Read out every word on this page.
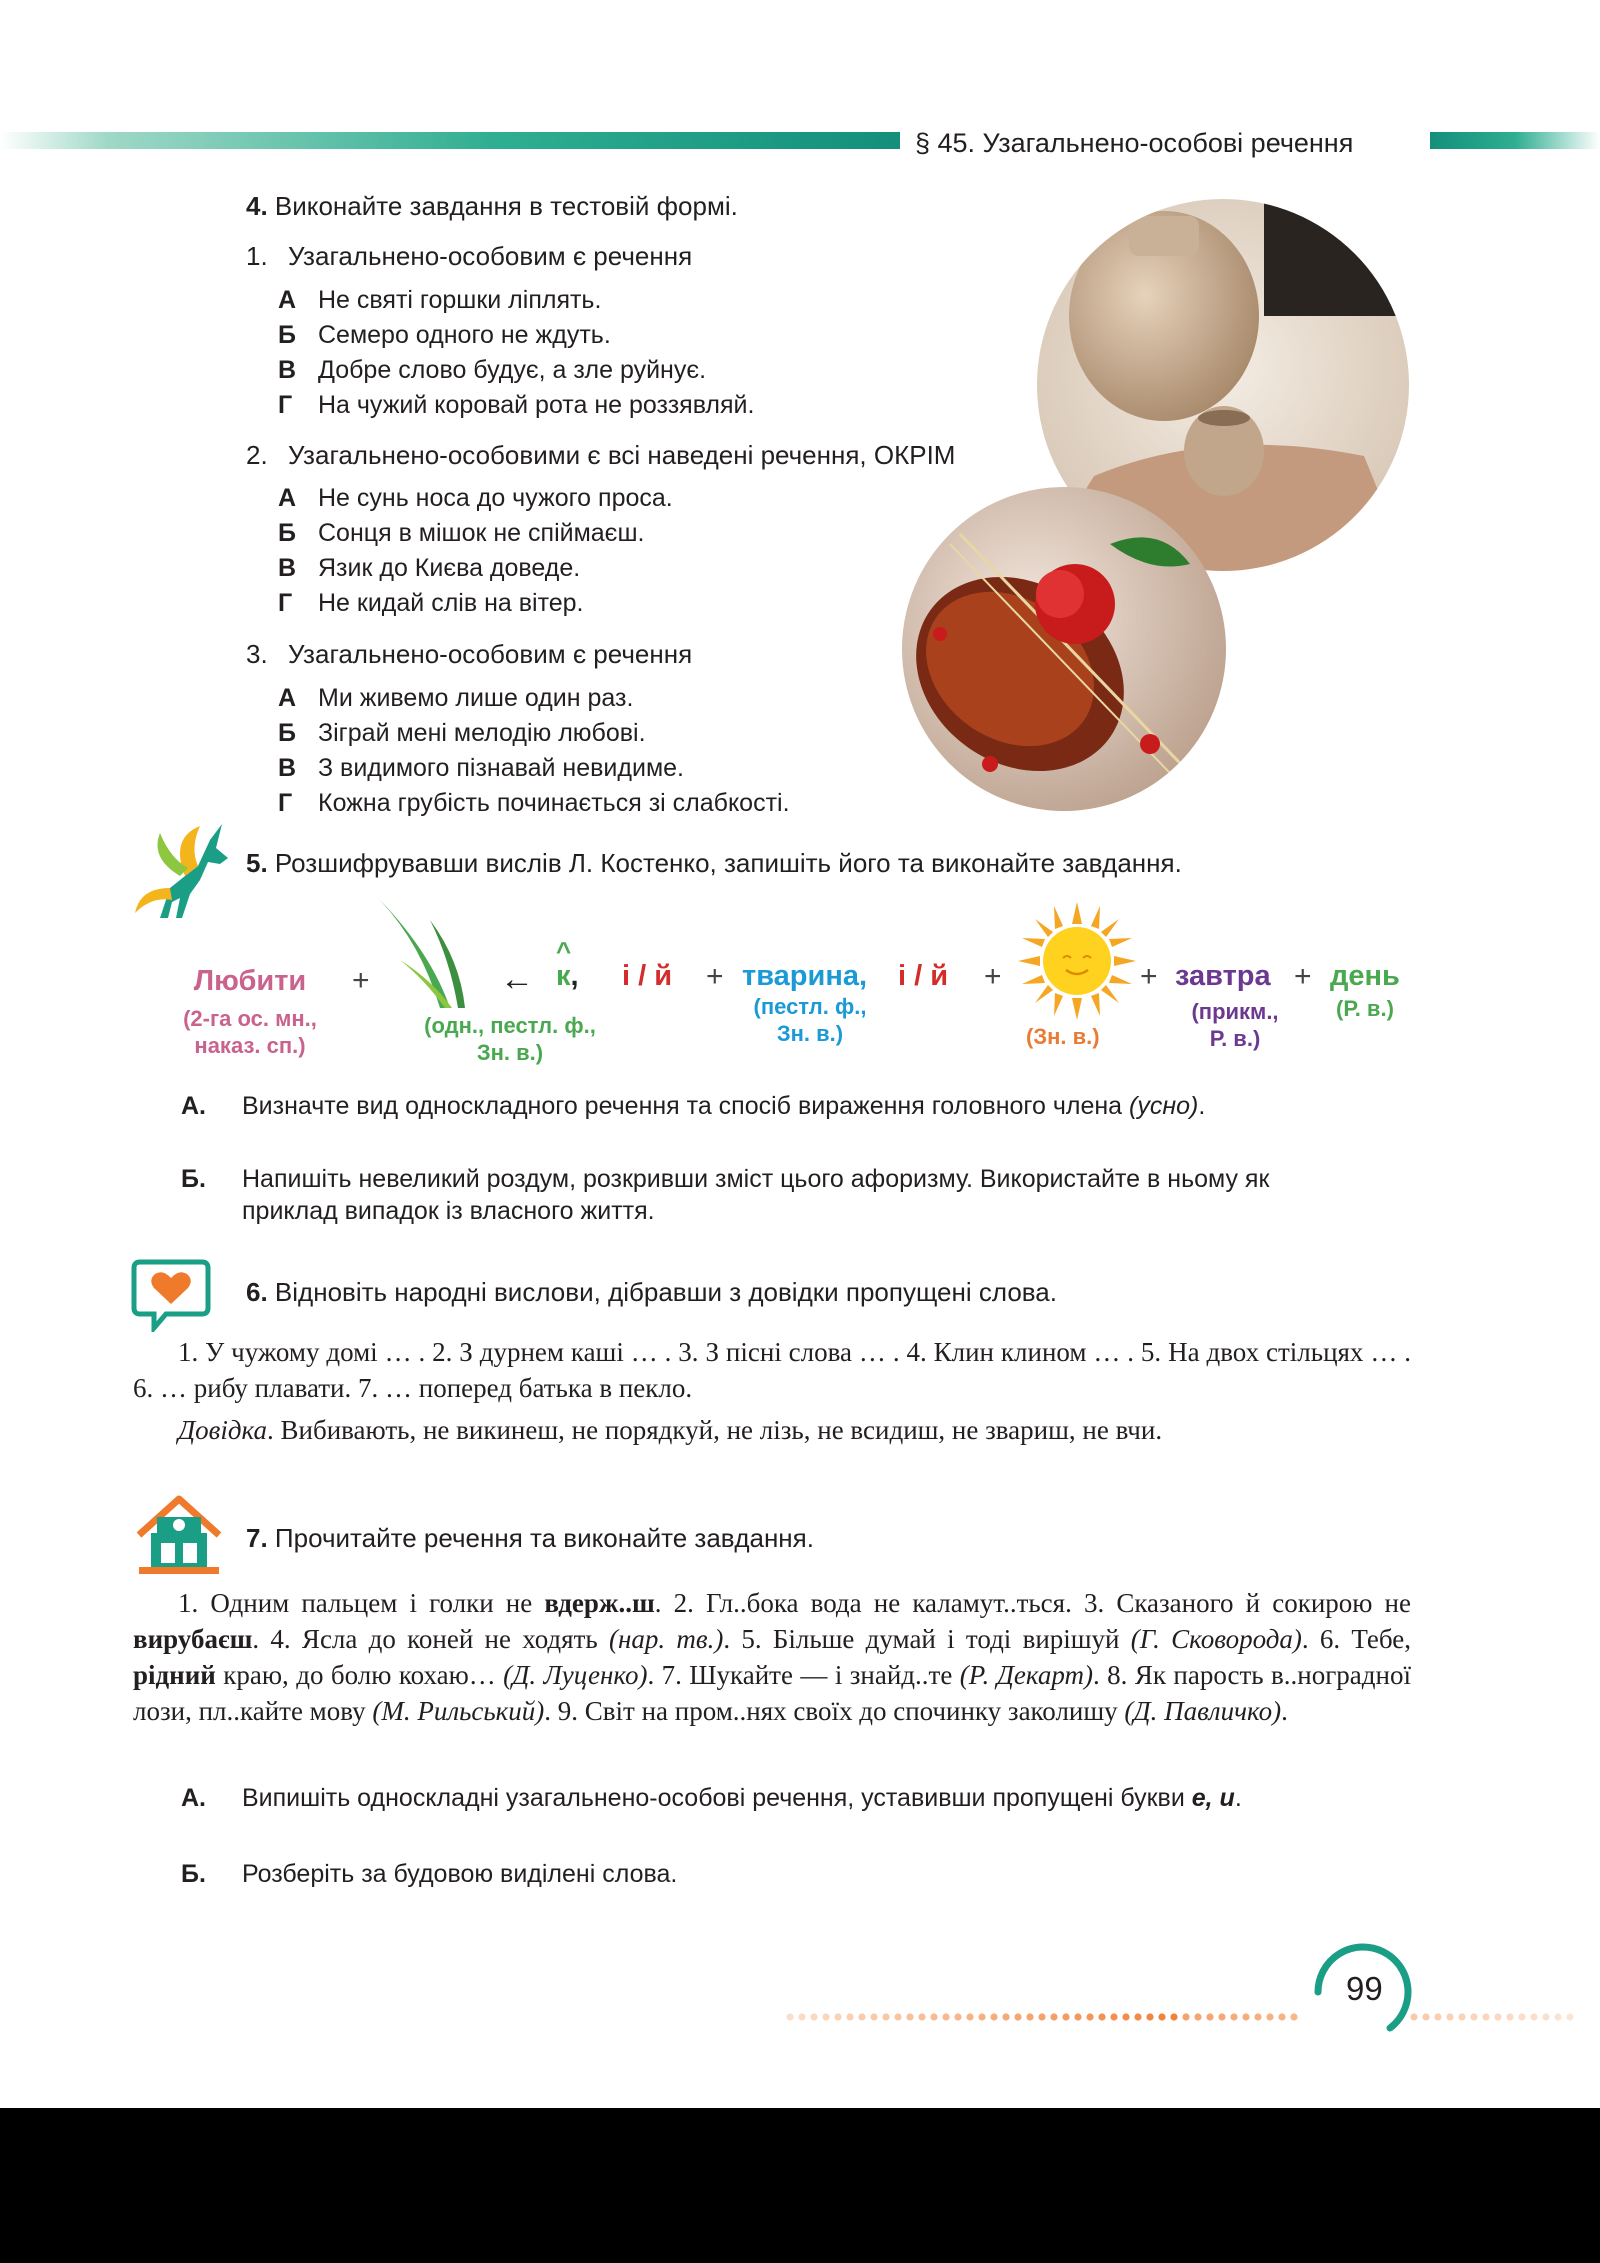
§ 45. Узагальнено-особові речення
4. Виконайте завдання в тестовій формі.
1. Узагальнено-особовим є речення
А Не святі горшки ліплять.
Б Семеро одного не ждуть.
В Добре слово будує, а зле руйнує.
Г На чужий коровай рота не роззявляй.
2. Узагальнено-особовими є всі наведені речення, ОКРІМ
А Не сунь носа до чужого проса.
Б Сонця в мішок не спіймаєш.
В Язик до Києва доведе.
Г Не кидай слів на вітер.
3. Узагальнено-особовим є речення
А Ми живемо лише один раз.
Б Зіграй мені мелодію любові.
В З видимого пізнавай невидиме.
Г Кожна грубість починається зі слабкості.
5. Розшифрувавши вислів Л. Костенко, запишіть його та виконайте завдання.
Любити
(2-га ос. мн.,
наказ. сп.)
+	←
(одн., пестл. ф.,
Зн. в.)
^
к, і / й + тварина,
(пестл. ф.,
Зн. в.)
і / й +
(Зн. в.)
+ завтра
(прикм.,
Р. в.)
+ день
(Р. в.)
А. Визначте вид односкладного речення та спосіб вираження головного члена (усно).
Б. Напишіть невеликий роздум, розкривши зміст цього афоризму. Використайте в ньому як приклад випадок із власного життя.
6. Відновіть народні вислови, дібравши з довідки пропущені слова.
1. У чужому домі … . 2. З дурнем каші … . 3. З пісні слова … . 4. Клин клином … . 5. На двох стільцях … . 6. … рибу плавати. 7. … поперед батька в пекло.
Довідка. Вибивають, не викинеш, не порядкуй, не лізь, не всидиш, не звариш, не вчи.
7. Прочитайте речення та виконайте завдання.
1. Одним пальцем і голки не вдерж..ш. 2. Гл..бока вода не каламут..ться. 3. Сказаного й сокирою не вирубаєш. 4. Ясла до коней не ходять (нар. тв.). 5. Більше думай і тоді вирішуй (Г. Сковорода). 6. Тебе, рідний краю, до болю кохаю… (Д. Луценко). 7. Шукайте — і знайд..те (Р. Декарт). 8. Як парость в..ноградної лози, пл..кайте мову (М. Рильський). 9. Світ на пром..нях своїх до спочинку заколишу (Д. Павличко).
А. Випишіть односкладні узагальнено-особові речення, уставивши пропущені букви е, и.
Б. Розберіть за будовою виділені слова.
99
